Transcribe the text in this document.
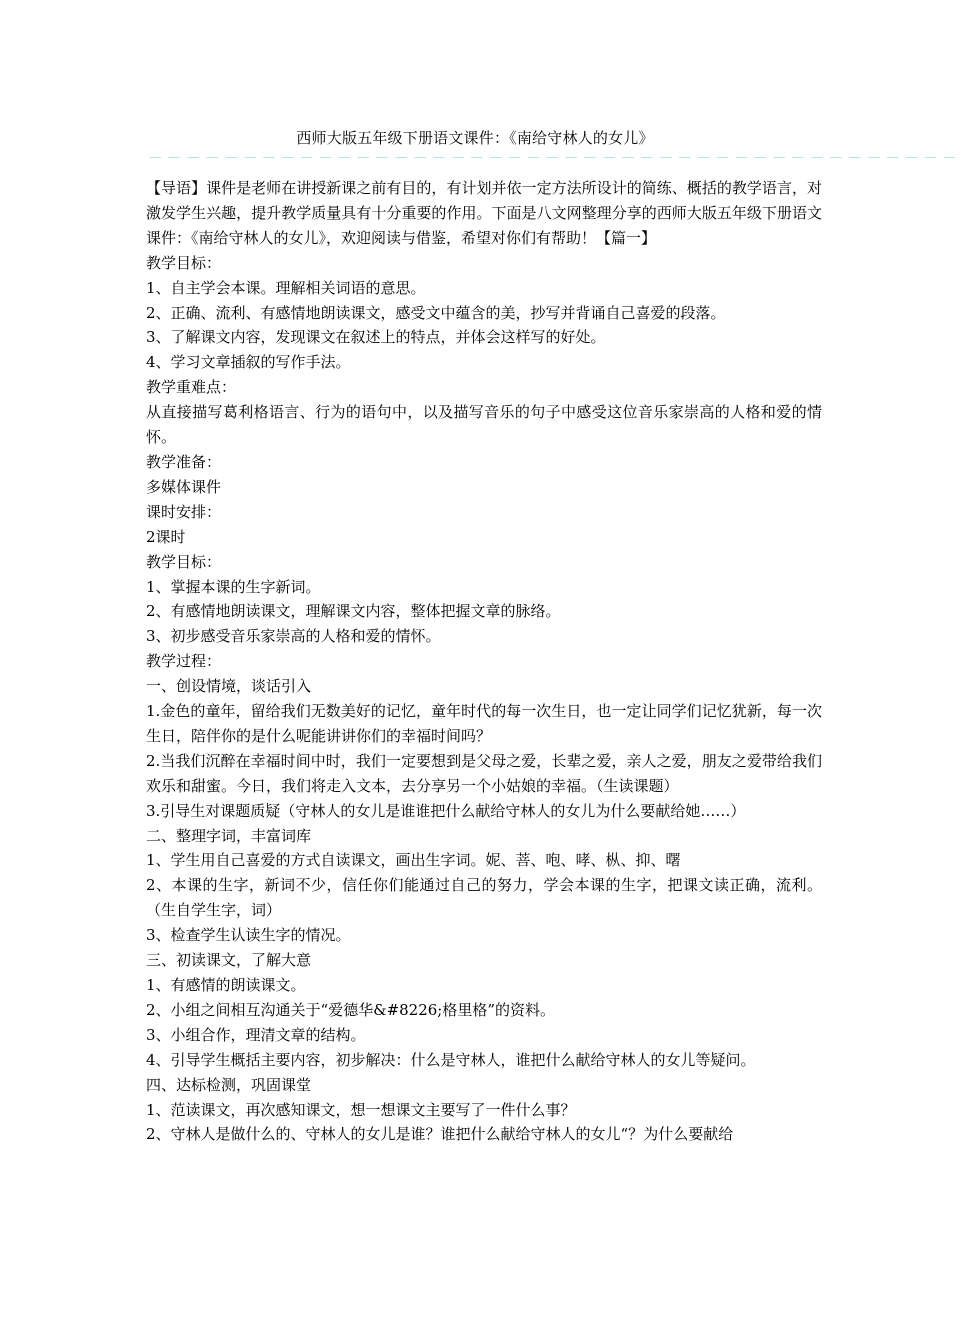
西师大版五年级下册语文课件：《南给守林人的女儿》
－－－－－－－－－－－－－－－－－－－－－－－－－－－－－－－－－－－－－－－－－－－

【导语】课件是老师在讲授新课之前有目的，有计划并依一定方法所设计的简练、概括的教学语言，对激发学生兴趣，提升教学质量具有十分重要的作用。下面是八文网整理分享的西师大版五年级下册语文课件：《南给守林人的女儿》，欢迎阅读与借鉴，希望对你们有帮助！【篇一】

教学目标：

1、自主学会本课。理解相关词语的意思。

2、正确、流利、有感情地朗读课文，感受文中蕴含的美，抄写并背诵自己喜爱的段落。

3、了解课文内容，发现课文在叙述上的特点，并体会这样写的好处。

4、学习文章插叙的写作手法。

教学重难点：

从直接描写葛利格语言、行为的语句中，以及描写音乐的句子中感受这位音乐家崇高的人格和爱的情怀。

教学准备：

多媒体课件

课时安排：

2课时

教学目标：

1、掌握本课的生字新词。

2、有感情地朗读课文，理解课文内容，整体把握文章的脉络。

3、初步感受音乐家崇高的人格和爱的情怀。

教学过程：

一、创设情境，谈话引入

1.金色的童年，留给我们无数美好的记忆，童年时代的每一次生日，也一定让同学们记忆犹新，每一次生日，陪伴你的是什么呢能讲讲你们的幸福时间吗？

2.当我们沉醉在幸福时间中时，我们一定要想到是父母之爱，长辈之爱，亲人之爱，朋友之爱带给我们欢乐和甜蜜。今日，我们将走入文本，去分享另一个小姑娘的幸福。（生读课题）

3.引导生对课题质疑（守林人的女儿是谁谁把什么献给守林人的女儿为什么要献给她……）

二、整理字词，丰富词库

1、学生用自己喜爱的方式自读课文，画出生字词。妮、菩、咆、哮、枞、抑、曙

2、本课的生字，新词不少，信任你们能通过自己的努力，学会本课的生字，把课文读正确，流利。（生自学生字，词）

3、检查学生认读生字的情况。

三、初读课文，了解大意

1、有感情的朗读课文。

2、小组之间相互沟通关于“爱德华&#8226;格里格”的资料。

3、小组合作，理清文章的结构。

4、引导学生概括主要内容，初步解决：什么是守林人，谁把什么献给守林人的女儿等疑问。

四、达标检测，巩固课堂

1、范读课文，再次感知课文，想一想课文主要写了一件什么事？

2、守林人是做什么的、守林人的女儿是谁？谁把什么献给守林人的女儿“？为什么要献给
